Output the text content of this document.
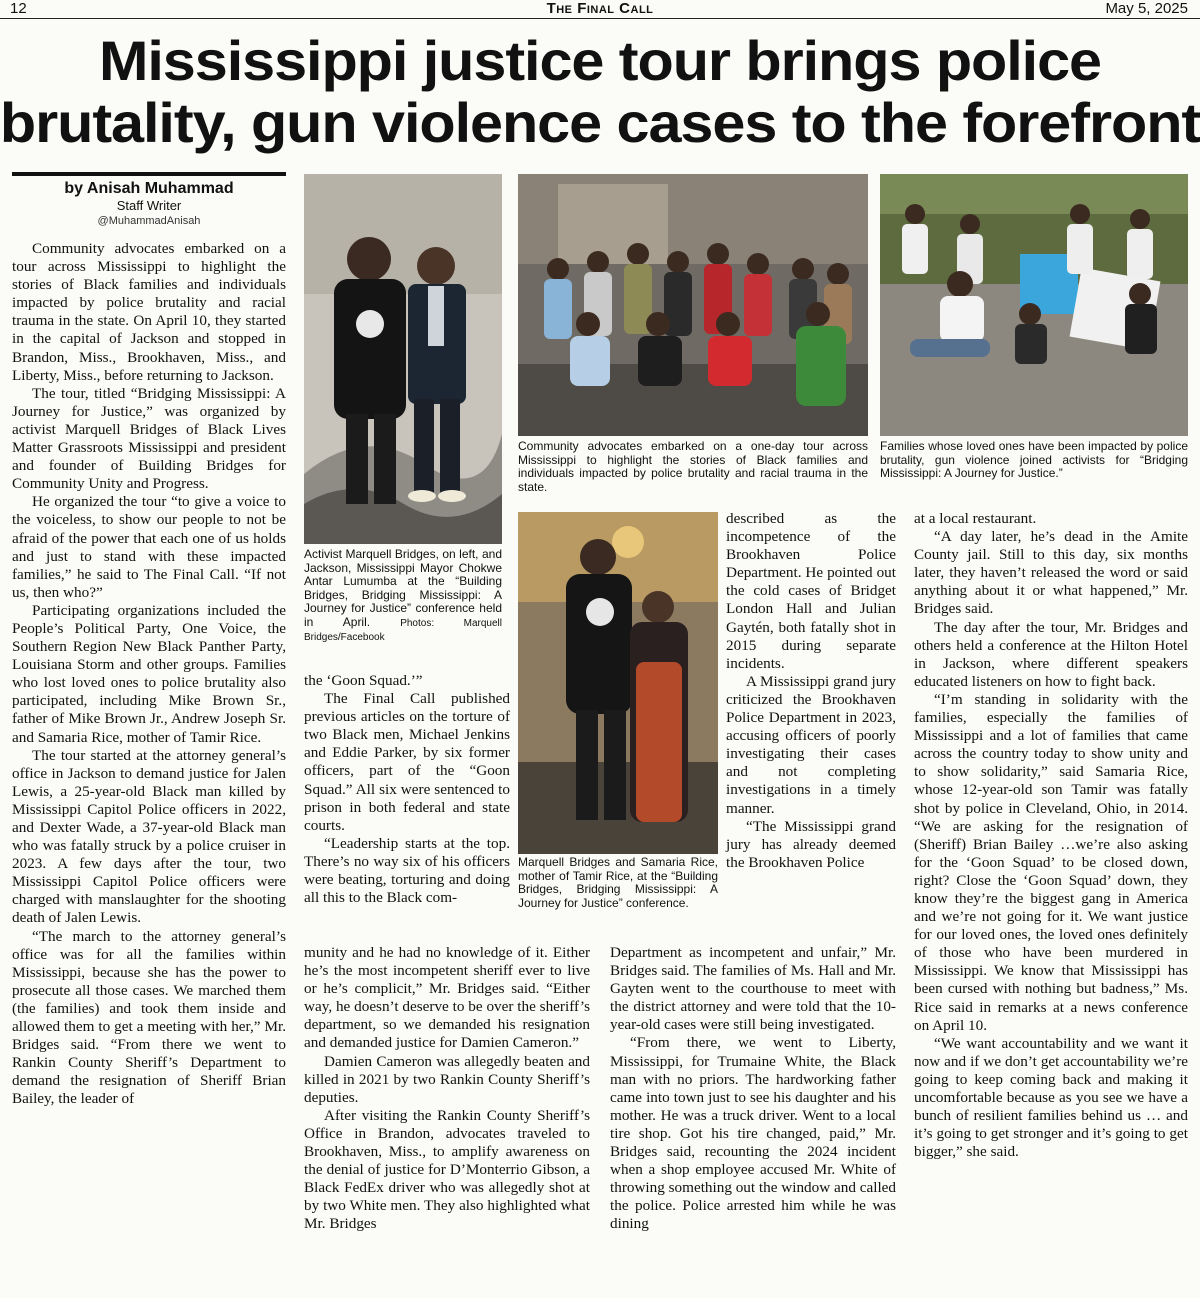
12	The Final Call	May 5, 2025
Mississippi justice tour brings police
brutality, gun violence cases to the forefront
by Anisah Muhammad
Staff Writer
@MuhammadAnisah

Community advocates embarked on a tour across Mississippi to highlight the stories of Black families and individuals impacted by police brutality and racial trauma in the state. On April 10, they started in the capital of Jackson and stopped in Brandon, Miss., Brookhaven, Miss., and Liberty, Miss., before returning to Jackson.

The tour, titled “Bridging Mississippi: A Journey for Justice,” was organized by activist Marquell Bridges of Black Lives Matter Grassroots Mississippi and president and founder of Building Bridges for Community Unity and Progress.

He organized the tour “to give a voice to the voiceless, to show our people to not be afraid of the power that each one of us holds and just to stand with these impacted families,” he said to The Final Call. “If not us, then who?”

Participating organizations included the People’s Political Party, One Voice, the Southern Region New Black Panther Party, Louisiana Storm and other groups. Families who lost loved ones to police brutality also participated, including Mike Brown Sr., father of Mike Brown Jr., Andrew Joseph Sr. and Samaria Rice, mother of Tamir Rice.

The tour started at the attorney general’s office in Jackson to demand justice for Jalen Lewis, a 25-year-old Black man killed by Mississippi Capitol Police officers in 2022, and Dexter Wade, a 37-year-old Black man who was fatally struck by a police cruiser in 2023. A few days after the tour, two Mississippi Capitol Police officers were charged with manslaughter for the shooting death of Jalen Lewis.

“The march to the attorney general’s office was for all the families within Mississippi, because she has the power to prosecute all those cases. We marched them (the families) and took them inside and allowed them to get a meeting with her,” Mr. Bridges said. “From there we went to Rankin County Sheriff’s Department to demand the resignation of Sheriff Brian Bailey, the leader of

Activist Marquell Bridges, on left, and Jackson, Mississippi Mayor Chokwe Antar Lumumba at the “Building Bridges, Bridging Mississippi: A Journey for Justice” conference held in April.	Photos: Marquell Bridges/Facebook
Community advocates embarked on a one-day tour across Mississippi to highlight the stories of Black families and individuals impacted by police brutality and racial trauma in the state.
Families whose loved ones have been impacted by police brutality, gun violence joined activists for “Bridging Mississippi: A Journey for Justice.”
Marquell Bridges and Samaria Rice, mother of Tamir Rice, at the “Building Bridges, Bridging Mississippi: A Journey for Justice” conference.

the ‘Goon Squad.’”

The Final Call published previous articles on the torture of two Black men, Michael Jenkins and Eddie Parker, by six former officers, part of the “Goon Squad.” All six were sentenced to prison in both federal and state courts.

“Leadership starts at the top. There’s no way six of his officers were beating, torturing and doing all this to the Black com-

munity and he had no knowledge of it. Either he’s the most incompetent sheriff ever to live or he’s complicit,” Mr. Bridges said. “Either way, he doesn’t deserve to be over the sheriff’s department, so we demanded his resignation and demanded justice for Damien Cameron.”

Damien Cameron was allegedly beaten and killed in 2021 by two Rankin County Sheriff’s deputies.

After visiting the Rankin County Sheriff’s Office in Brandon, advocates traveled to Brookhaven, Miss., to amplify awareness on the denial of justice for D’Monterrio Gibson, a Black FedEx driver who was allegedly shot at by two White men. They also highlighted what Mr. Bridges

described as the incompetence of the Brookhaven Police Department. He pointed out the cold cases of Bridget London Hall and Julian Gaytén, both fatally shot in 2015 during separate incidents.

A Mississippi grand jury criticized the Brookhaven Police Department in 2023, accusing officers of poorly investigating their cases and not completing investigations in a timely manner.

“The Mississippi grand jury has already deemed the Brookhaven Police

Department as incompetent and unfair,” Mr. Bridges said. The families of Ms. Hall and Mr. Gayten went to the courthouse to meet with the district attorney and were told that the 10-year-old cases were still being investigated.

“From there, we went to Liberty, Mississippi, for Trumaine White, the Black man with no priors. The hardworking father came into town just to see his daughter and his mother. He was a truck driver. Went to a local tire shop. Got his tire changed, paid,” Mr. Bridges said, recounting the 2024 incident when a shop employee accused Mr. White of throwing something out the window and called the police. Police arrested him while he was dining

at a local restaurant.

“A day later, he’s dead in the Amite County jail. Still to this day, six months later, they haven’t released the word or said anything about it or what happened,” Mr. Bridges said.

The day after the tour, Mr. Bridges and others held a conference at the Hilton Hotel in Jackson, where different speakers educated listeners on how to fight back.

“I’m standing in solidarity with the families, especially the families of Mississippi and a lot of families that came across the country today to show unity and to show solidarity,” said Samaria Rice, whose 12-year-old son Tamir was fatally shot by police in Cleveland, Ohio, in 2014. “We are asking for the resignation of (Sheriff) Brian Bailey …we’re also asking for the ‘Goon Squad’ to be closed down, right? Close the ‘Goon Squad’ down, they know they’re the biggest gang in America and we’re not going for it. We want justice for our loved ones, the loved ones definitely of those who have been murdered in Mississippi. We know that Mississippi has been cursed with nothing but badness,” Ms. Rice said in remarks at a news conference on April 10.

“We want accountability and we want it now and if we don’t get accountability we’re going to keep coming back and making it uncomfortable because as you see we have a bunch of resilient families behind us … and it’s going to get stronger and it’s going to get bigger,” she said.
